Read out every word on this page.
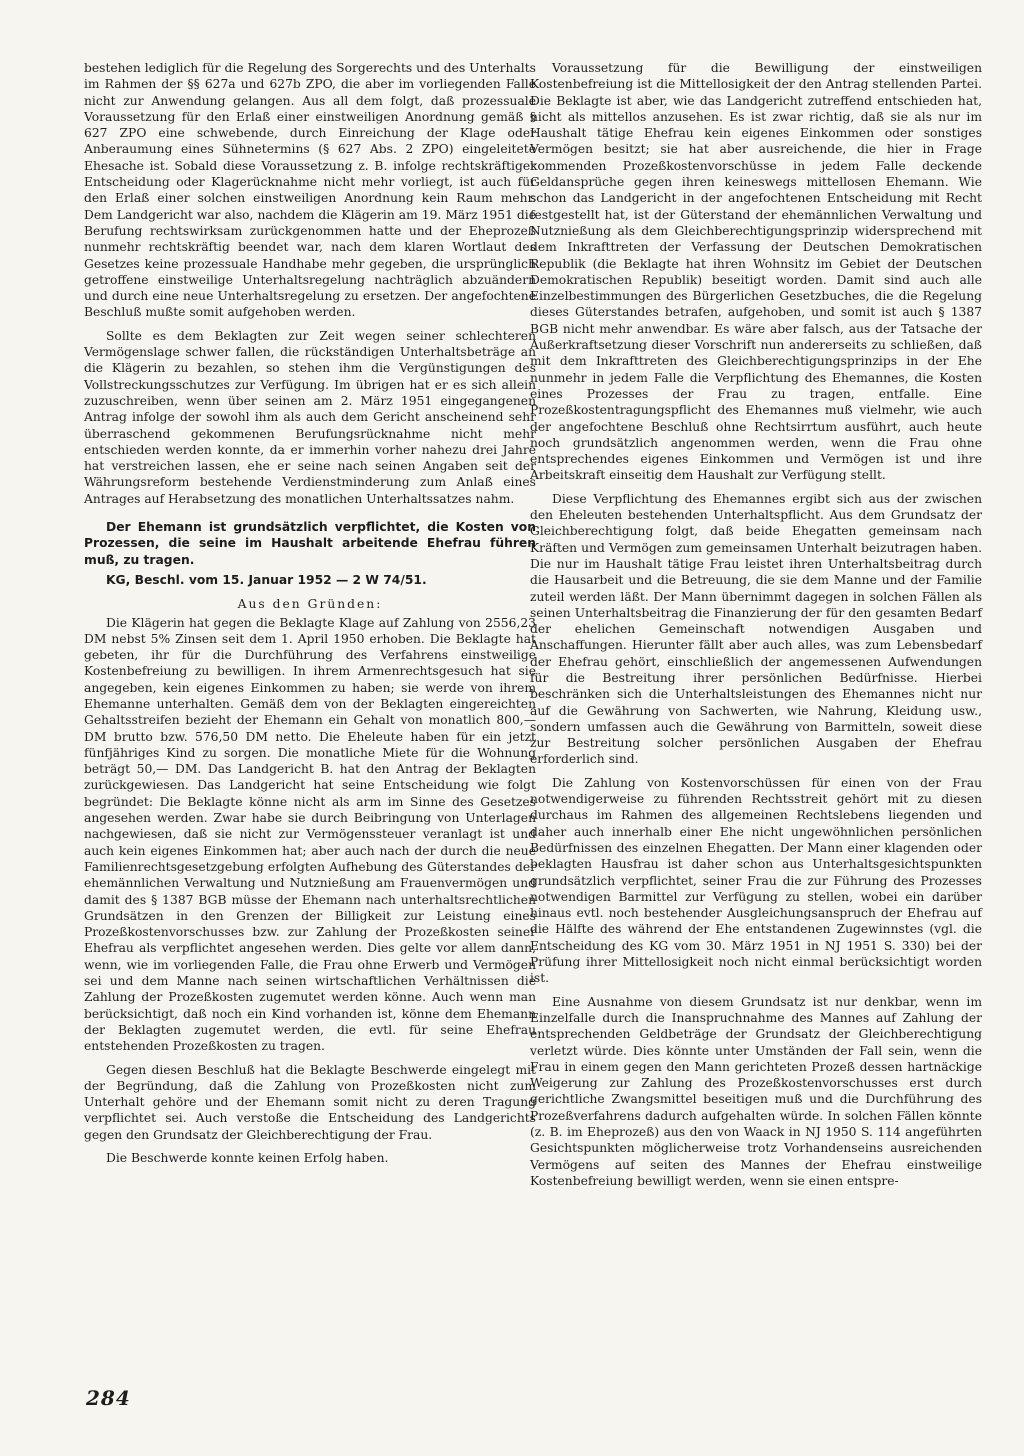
bestehen lediglich für die Regelung des Sorgerechts und des Unterhalts im Rahmen der §§ 627a und 627b ZPO, die aber im vorliegenden Falle nicht zur Anwendung gelangen. Aus all dem folgt, daß prozessuale Voraussetzung für den Erlaß einer einstweiligen Anordnung gemäß § 627 ZPO eine schwebende, durch Einreichung der Klage oder Anberaumung eines Sühnetermins (§ 627 Abs. 2 ZPO) eingeleitete Ehesache ist. Sobald diese Voraussetzung z. B. infolge rechtskräftiger Entscheidung oder Klagerücknahme nicht mehr vorliegt, ist auch für den Erlaß einer solchen einstweiligen Anordnung kein Raum mehr. Dem Landgericht war also, nachdem die Klägerin am 19. März 1951 die Berufung rechtswirksam zurückgenommen hatte und der Eheprozeß nunmehr rechtskräftig beendet war, nach dem klaren Wortlaut des Gesetzes keine prozessuale Handhabe mehr gegeben, die ursprünglich getroffene einstweilige Unterhaltsregelung nachträglich abzuändern und durch eine neue Unterhaltsregelung zu ersetzen. Der angefochtene Beschluß mußte somit aufgehoben werden.

Sollte es dem Beklagten zur Zeit wegen seiner schlechteren Vermögenslage schwer fallen, die rückständigen Unterhaltsbeträge an die Klägerin zu bezahlen, so stehen ihm die Vergünstigungen des Vollstreckungsschutzes zur Verfügung. Im übrigen hat er es sich allein zuzuschreiben, wenn über seinen am 2. März 1951 eingegangenen Antrag infolge der sowohl ihm als auch dem Gericht anscheinend sehr überraschend gekommenen Berufungsrücknahme nicht mehr entschieden werden konnte, da er immerhin vorher nahezu drei Jahre hat verstreichen lassen, ehe er seine nach seinen Angaben seit der Währungsreform bestehende Verdienstminderung zum Anlaß eines Antrages auf Herabsetzung des monatlichen Unterhaltssatzes nahm.

Der Ehemann ist grundsätzlich verpflichtet, die Kosten von Prozessen, die seine im Haushalt arbeitende Ehefrau führen muß, zu tragen.
KG, Beschl. vom 15. Januar 1952 — 2 W 74/51.
Aus den Gründen:

Die Klägerin hat gegen die Beklagte Klage auf Zahlung von 2556,23 DM nebst 5% Zinsen seit dem 1. April 1950 erhoben. Die Beklagte hat gebeten, ihr für die Durchführung des Verfahrens einstweilige Kostenbefreiung zu bewilligen. In ihrem Armenrechtsgesuch hat sie angegeben, kein eigenes Einkommen zu haben; sie werde von ihrem Ehemanne unterhalten. Gemäß dem von der Beklagten eingereichten Gehaltsstreifen bezieht der Ehemann ein Gehalt von monatlich 800,— DM brutto bzw. 576,50 DM netto. Die Eheleute haben für ein jetzt fünfjähriges Kind zu sorgen. Die monatliche Miete für die Wohnung beträgt 50,— DM. Das Landgericht B. hat den Antrag der Beklagten zurückgewiesen. Das Landgericht hat seine Entscheidung wie folgt begründet: Die Beklagte könne nicht als arm im Sinne des Gesetzes angesehen werden. Zwar habe sie durch Beibringung von Unterlagen nachgewiesen, daß sie nicht zur Vermögenssteuer veranlagt ist und auch kein eigenes Einkommen hat; aber auch nach der durch die neue Familienrechtsgesetzgebung erfolgten Aufhebung des Güterstandes der ehemännlichen Verwaltung und Nutznießung am Frauenvermögen und damit des § 1387 BGB müsse der Ehemann nach unterhaltsrechtlichen Grundsätzen in den Grenzen der Billigkeit zur Leistung eines Prozeßkostenvorschusses bzw. zur Zahlung der Prozeßkosten seiner Ehefrau als verpflichtet angesehen werden. Dies gelte vor allem dann, wenn, wie im vorliegenden Falle, die Frau ohne Erwerb und Vermögen sei und dem Manne nach seinen wirtschaftlichen Verhältnissen die Zahlung der Prozeßkosten zugemutet werden könne. Auch wenn man berücksichtigt, daß noch ein Kind vorhanden ist, könne dem Ehemann der Beklagten zugemutet werden, die evtl. für seine Ehefrau entstehenden Prozeßkosten zu tragen.

Gegen diesen Beschluß hat die Beklagte Beschwerde eingelegt mit der Begründung, daß die Zahlung von Prozeßkosten nicht zum Unterhalt gehöre und der Ehemann somit nicht zu deren Tragung verpflichtet sei. Auch verstoße die Entscheidung des Landgerichts gegen den Grundsatz der Gleichberechtigung der Frau.

Die Beschwerde konnte keinen Erfolg haben.

Voraussetzung für die Bewilligung der einstweiligen Kostenbefreiung ist die Mittellosigkeit der den Antrag stellenden Partei. Die Beklagte ist aber, wie das Landgericht zutreffend entschieden hat, nicht als mittellos anzusehen. Es ist zwar richtig, daß sie als nur im Haushalt tätige Ehefrau kein eigenes Einkommen oder sonstiges Vermögen besitzt; sie hat aber ausreichende, die hier in Frage kommenden Prozeßkostenvorschüsse in jedem Falle deckende Geldansprüche gegen ihren keineswegs mittellosen Ehemann. Wie schon das Landgericht in der angefochtenen Entscheidung mit Recht festgestellt hat, ist der Güterstand der ehemännlichen Verwaltung und Nutznießung als dem Gleichberechtigungsprinzip widersprechend mit dem Inkrafttreten der Verfassung der Deutschen Demokratischen Republik (die Beklagte hat ihren Wohnsitz im Gebiet der Deutschen Demokratischen Republik) beseitigt worden. Damit sind auch alle Einzelbestimmungen des Bürgerlichen Gesetzbuches, die die Regelung dieses Güterstandes betrafen, aufgehoben, und somit ist auch § 1387 BGB nicht mehr anwendbar. Es wäre aber falsch, aus der Tatsache der Außerkraftsetzung dieser Vorschrift nun andererseits zu schließen, daß mit dem Inkrafttreten des Gleichberechtigungsprinzips in der Ehe nunmehr in jedem Falle die Verpflichtung des Ehemannes, die Kosten eines Prozesses der Frau zu tragen, entfalle. Eine Prozeßkostentragungspflicht des Ehemannes muß vielmehr, wie auch der angefochtene Beschluß ohne Rechtsirrtum ausführt, auch heute noch grundsätzlich angenommen werden, wenn die Frau ohne entsprechendes eigenes Einkommen und Vermögen ist und ihre Arbeitskraft einseitig dem Haushalt zur Verfügung stellt.

Diese Verpflichtung des Ehemannes ergibt sich aus der zwischen den Eheleuten bestehenden Unterhaltspflicht. Aus dem Grundsatz der Gleichberechtigung folgt, daß beide Ehegatten gemeinsam nach Kräften und Vermögen zum gemeinsamen Unterhalt beizutragen haben. Die nur im Haushalt tätige Frau leistet ihren Unterhaltsbeitrag durch die Hausarbeit und die Betreuung, die sie dem Manne und der Familie zuteil werden läßt. Der Mann übernimmt dagegen in solchen Fällen als seinen Unterhaltsbeitrag die Finanzierung der für den gesamten Bedarf der ehelichen Gemeinschaft notwendigen Ausgaben und Anschaffungen. Hierunter fällt aber auch alles, was zum Lebensbedarf der Ehefrau gehört, einschließlich der angemessenen Aufwendungen für die Bestreitung ihrer persönlichen Bedürfnisse. Hierbei beschränken sich die Unterhaltsleistungen des Ehemannes nicht nur auf die Gewährung von Sachwerten, wie Nahrung, Kleidung usw., sondern umfassen auch die Gewährung von Barmitteln, soweit diese zur Bestreitung solcher persönlichen Ausgaben der Ehefrau erforderlich sind.

Die Zahlung von Kostenvorschüssen für einen von der Frau notwendigerweise zu führenden Rechtsstreit gehört mit zu diesen durchaus im Rahmen des allgemeinen Rechtslebens liegenden und daher auch innerhalb einer Ehe nicht ungewöhnlichen persönlichen Bedürfnissen des einzelnen Ehegatten. Der Mann einer klagenden oder beklagten Hausfrau ist daher schon aus Unterhaltsgesichtspunkten grundsätzlich verpflichtet, seiner Frau die zur Führung des Prozesses notwendigen Barmittel zur Verfügung zu stellen, wobei ein darüber hinaus evtl. noch bestehender Ausgleichungsanspruch der Ehefrau auf die Hälfte des während der Ehe entstandenen Zugewinnstes (vgl. die Entscheidung des KG vom 30. März 1951 in NJ 1951 S. 330) bei der Prüfung ihrer Mittellosigkeit noch nicht einmal berücksichtigt worden ist.

Eine Ausnahme von diesem Grundsatz ist nur denkbar, wenn im Einzelfalle durch die Inanspruchnahme des Mannes auf Zahlung der entsprechenden Geldbeträge der Grundsatz der Gleichberechtigung verletzt würde. Dies könnte unter Umständen der Fall sein, wenn die Frau in einem gegen den Mann gerichteten Prozeß dessen hartnäckige Weigerung zur Zahlung des Prozeßkostenvorschusses erst durch gerichtliche Zwangsmittel beseitigen muß und die Durchführung des Prozeßverfahrens dadurch aufgehalten würde. In solchen Fällen könnte (z. B. im Eheprozeß) aus den von Waack in NJ 1950 S. 114 angeführten Gesichtspunkten möglicherweise trotz Vorhandenseins ausreichenden Vermögens auf seiten des Mannes der Ehefrau einstweilige Kostenbefreiung bewilligt werden, wenn sie einen entspre-

284
